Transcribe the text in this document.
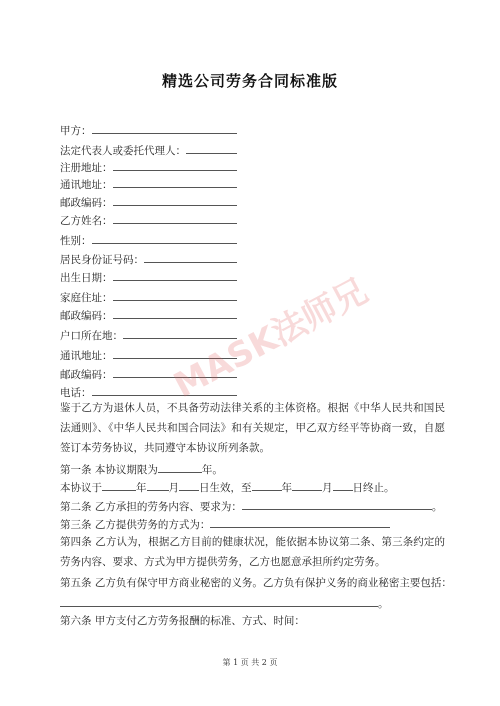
精选公司劳务合同标准版
甲方：
法定代表人或委托代理人：
注册地址：
通讯地址：
邮政编码：
乙方姓名：
性别：
居民身份证号码：
出生日期：
家庭住址：
邮政编码：
户口所在地：
通讯地址：
邮政编码：
电话：
鉴于乙方为退休人员，不具备劳动法律关系的主体资格。根据《中华人民共和国民法通则》、《中华人民共和国合同法》和有关规定，甲乙双方经平等协商一致，自愿签订本劳务协议，共同遵守本协议所列条款。
第一条 本协议期限为	年。
本协议于	年 月 日生效，至	年	月 日终止。
第二条 乙方承担的劳务内容、要求为：	。
第三条 乙方提供劳务的方式为：
第四条 乙方认为，根据乙方目前的健康状况，能依据本协议第二条、第三条约定的劳务内容、要求、方式为甲方提供劳务，乙方也愿意承担所约定劳务。
第五条 乙方负有保守甲方商业秘密的义务。乙方负有保护义务的商业秘密主要包括：
。
第六条 甲方支付乙方劳务报酬的标准、方式、时间：
MASK法师兄
第 1 页 共 2 页
